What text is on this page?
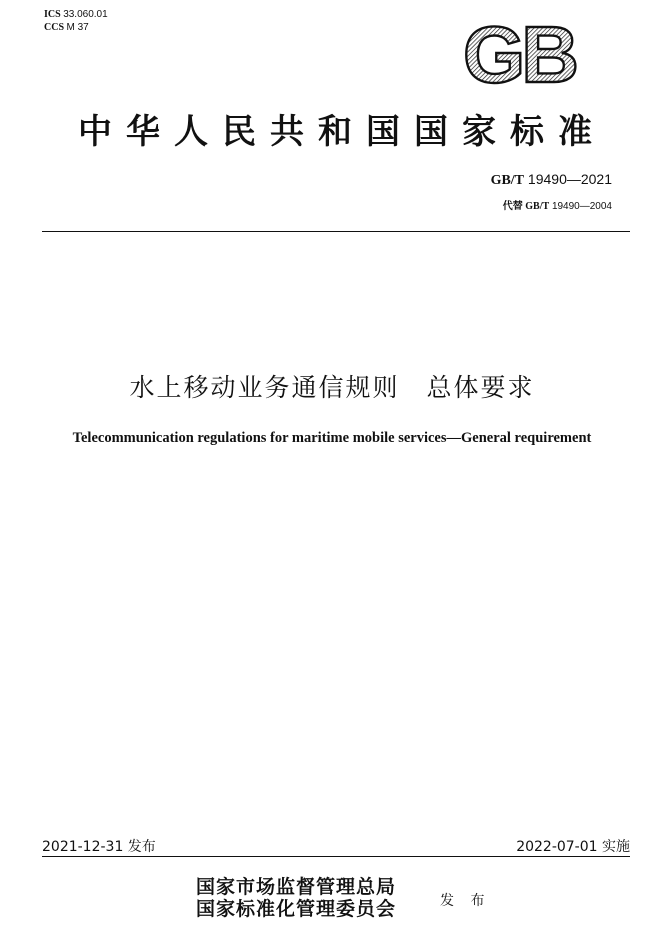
ICS 33.060.01
CCS M 37	GB
中华人民共和国国家标准
GB/T 19490—2021
代替 GB/T 19490—2004
水上移动业务通信规则　总体要求
Telecommunication regulations for maritime mobile services—General requirement
2021-12-31 发布	2022-07-01 实施
国家市场监督管理总局
国家标准化管理委员会	发 布
